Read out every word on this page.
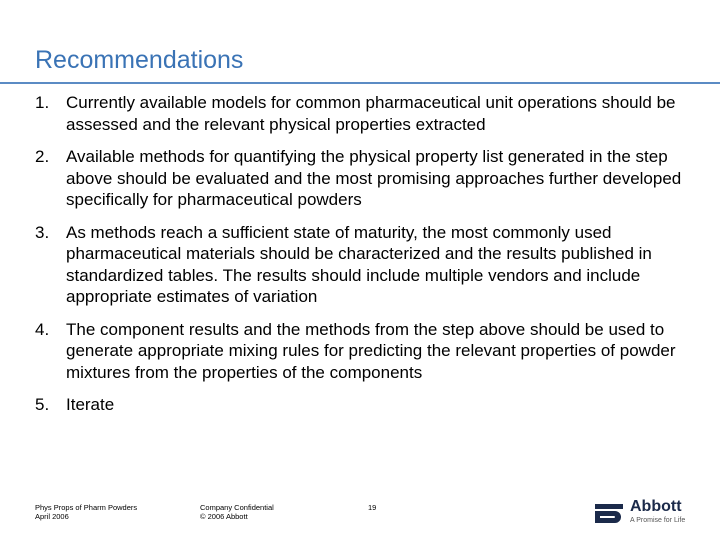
Recommendations
1. Currently available models for common pharmaceutical unit operations should be assessed and the relevant physical properties extracted
2. Available methods for quantifying the physical property list generated in the step above should be evaluated and the most promising approaches further developed specifically for pharmaceutical powders
3. As methods reach a sufficient state of maturity, the most commonly used pharmaceutical materials should be characterized and the results published in standardized tables. The results should include multiple vendors and include appropriate estimates of variation
4. The component results and the methods from the step above should be used to generate appropriate mixing rules for predicting the relevant properties of powder mixtures from the properties of the components
5. Iterate
Phys Props of Pharm Powders
April 2006
Company Confidential
© 2006 Abbott
19	Abbott
A Promise for Life
